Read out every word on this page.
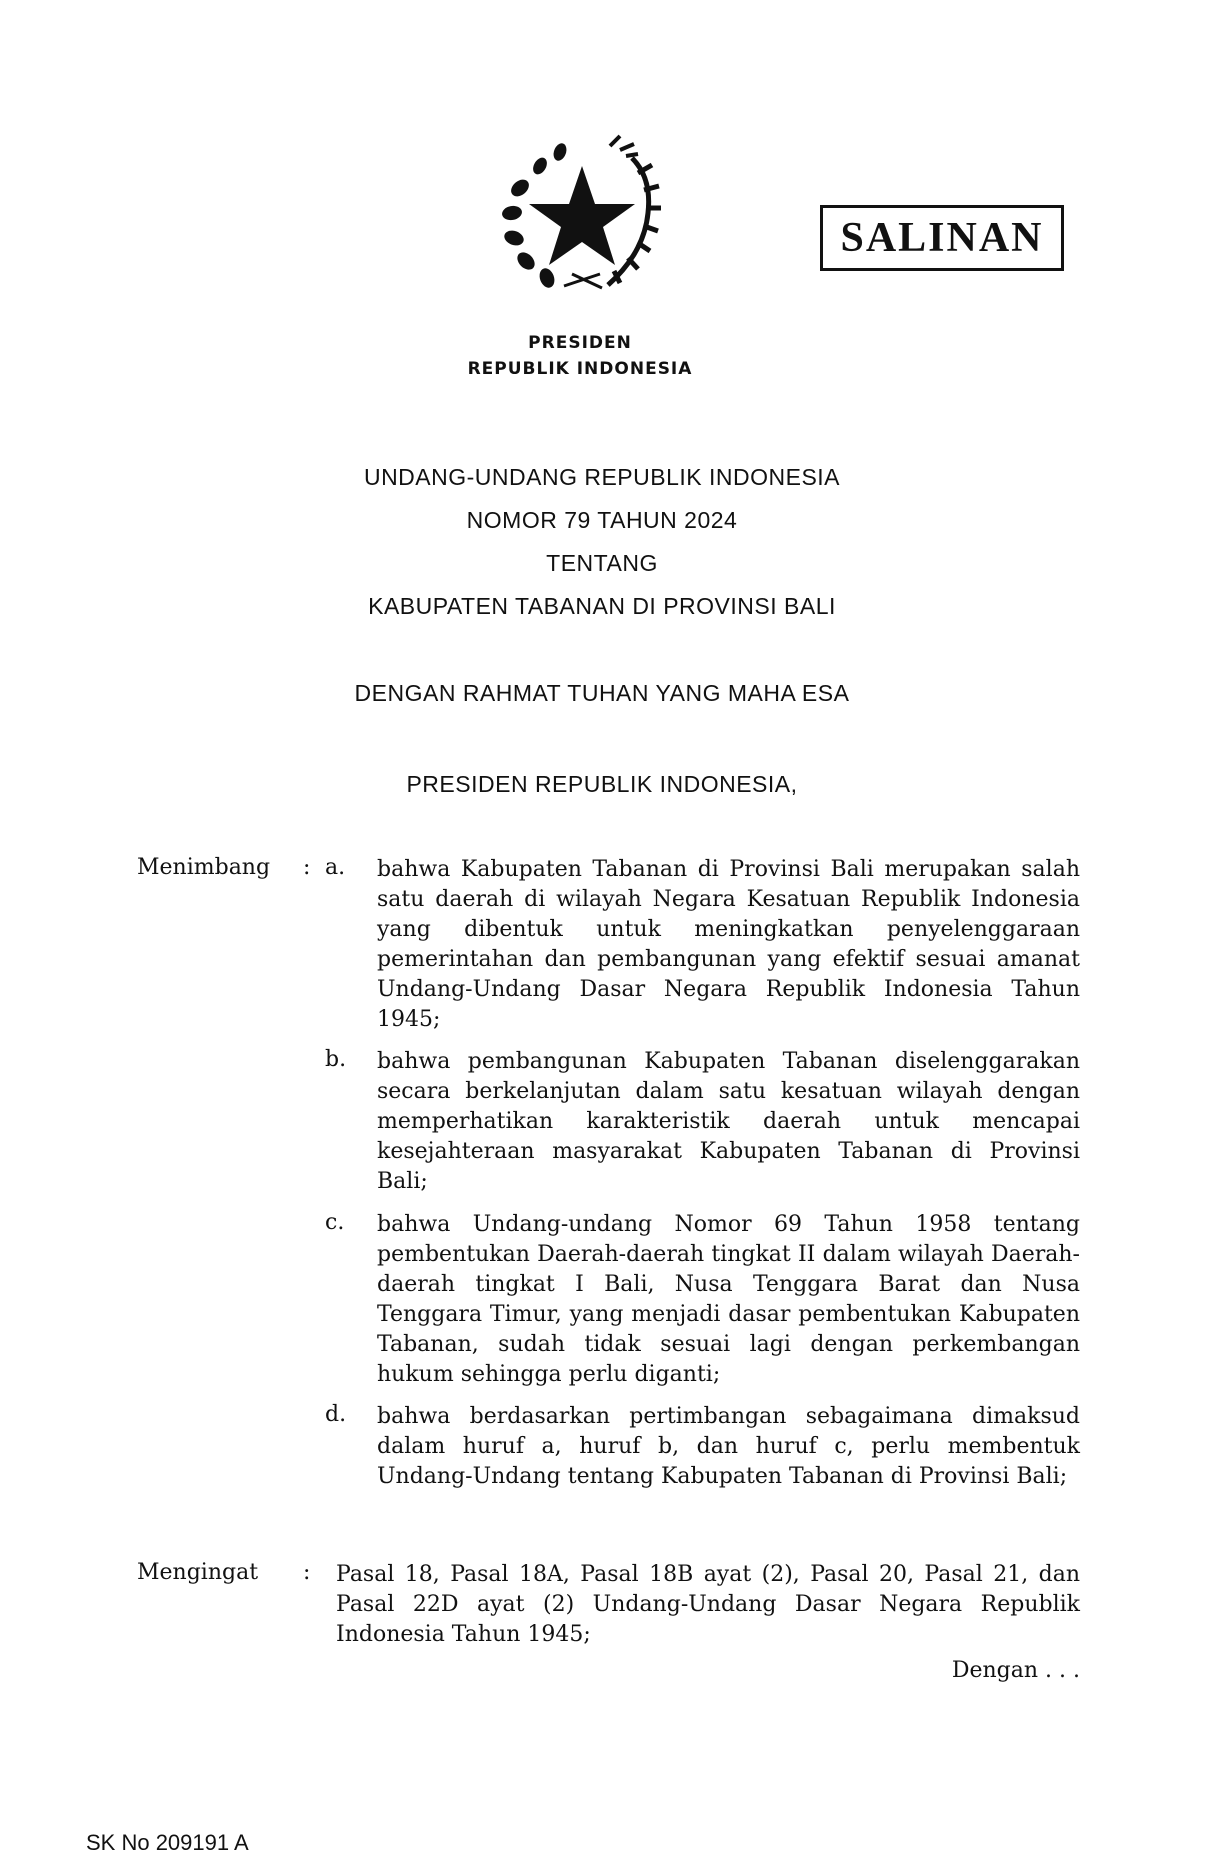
PRESIDEN
REPUBLIK INDONESIA
SALINAN
UNDANG-UNDANG REPUBLIK INDONESIA
NOMOR 79 TAHUN 2024
TENTANG
KABUPATEN TABANAN DI PROVINSI BALI
DENGAN RAHMAT TUHAN YANG MAHA ESA
PRESIDEN REPUBLIK INDONESIA,
Menimbang : a. bahwa Kabupaten Tabanan di Provinsi Bali merupakan salah satu daerah di wilayah Negara Kesatuan Republik Indonesia yang dibentuk untuk meningkatkan penyelenggaraan pemerintahan dan pembangunan yang efektif sesuai amanat Undang-Undang Dasar Negara Republik Indonesia Tahun 1945;
b. bahwa pembangunan Kabupaten Tabanan diselenggarakan secara berkelanjutan dalam satu kesatuan wilayah dengan memperhatikan karakteristik daerah untuk mencapai kesejahteraan masyarakat Kabupaten Tabanan di Provinsi Bali;
c. bahwa Undang-undang Nomor 69 Tahun 1958 tentang pembentukan Daerah-daerah tingkat II dalam wilayah Daerah-daerah tingkat I Bali, Nusa Tenggara Barat dan Nusa Tenggara Timur, yang menjadi dasar pembentukan Kabupaten Tabanan, sudah tidak sesuai lagi dengan perkembangan hukum sehingga perlu diganti;
d. bahwa berdasarkan pertimbangan sebagaimana dimaksud dalam huruf a, huruf b, dan huruf c, perlu membentuk Undang-Undang tentang Kabupaten Tabanan di Provinsi Bali;
Mengingat : Pasal 18, Pasal 18A, Pasal 18B ayat (2), Pasal 20, Pasal 21, dan Pasal 22D ayat (2) Undang-Undang Dasar Negara Republik Indonesia Tahun 1945;
Dengan . . .
SK No 209191 A
